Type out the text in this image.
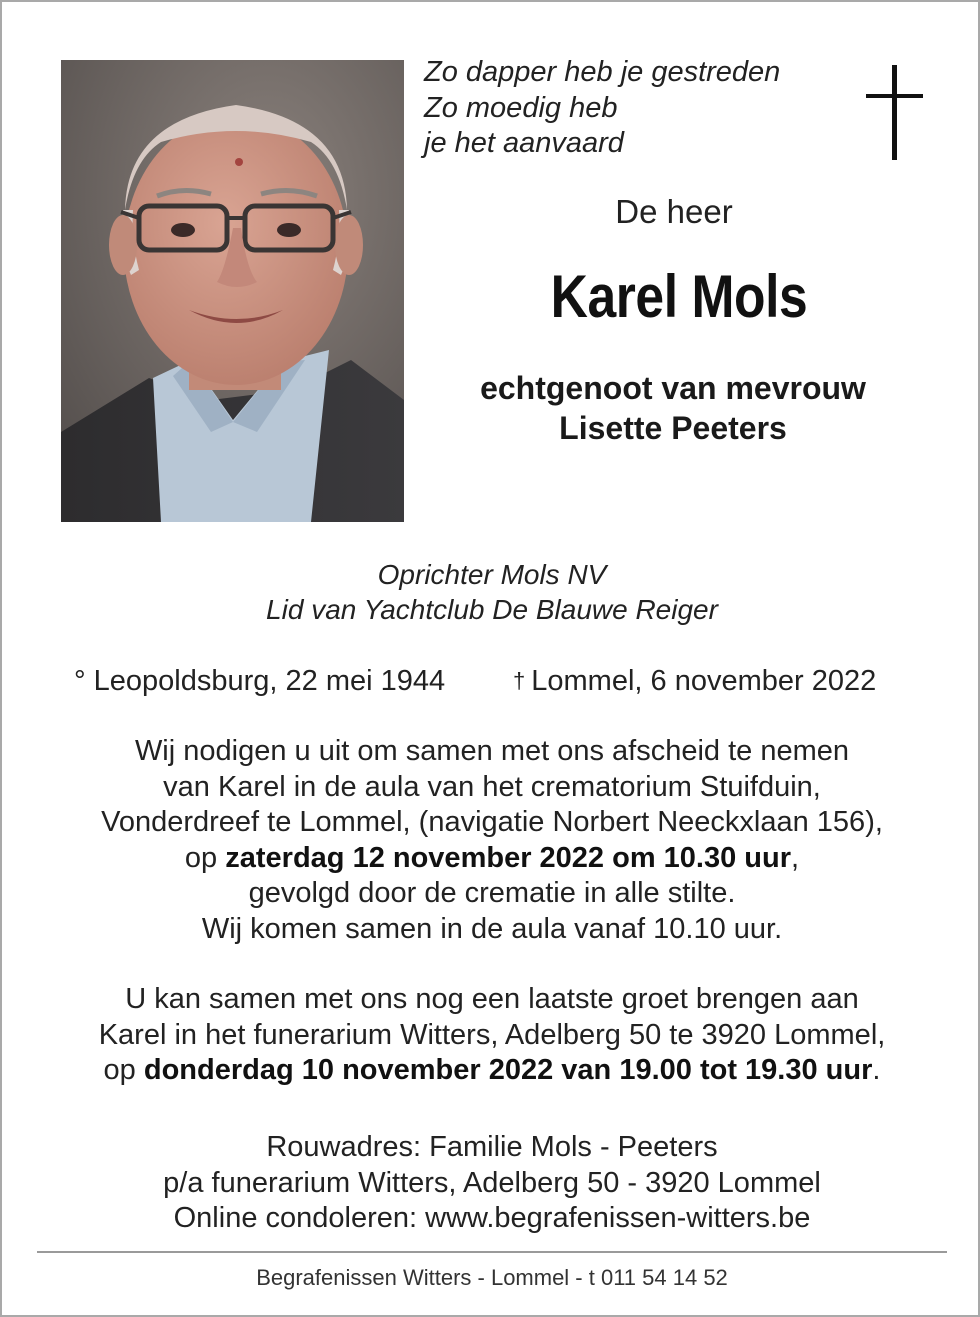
Zo dapper heb je gestreden
Zo moedig heb
je het aanvaard
De heer
Karel Mols
echtgenoot van mevrouw
Lisette Peeters
Oprichter Mols NV
Lid van Yachtclub De Blauwe Reiger
° Leopoldsburg, 22 mei 1944	† Lommel, 6 november 2022
Wij nodigen u uit om samen met ons afscheid te nemen
van Karel in de aula van het crematorium Stuifduin,
Vonderdreef te Lommel, (navigatie Norbert Neeckxlaan 156),
op zaterdag 12 november 2022 om 10.30 uur,
gevolgd door de crematie in alle stilte.
Wij komen samen in de aula vanaf 10.10 uur.
U kan samen met ons nog een laatste groet brengen aan
Karel in het funerarium Witters, Adelberg 50 te 3920 Lommel,
op donderdag 10 november 2022 van 19.00 tot 19.30 uur.
Rouwadres: Familie Mols - Peeters
p/a funerarium Witters, Adelberg 50 - 3920 Lommel
Online condoleren: www.begrafenissen-witters.be
Begrafenissen Witters - Lommel - t 011 54 14 52
